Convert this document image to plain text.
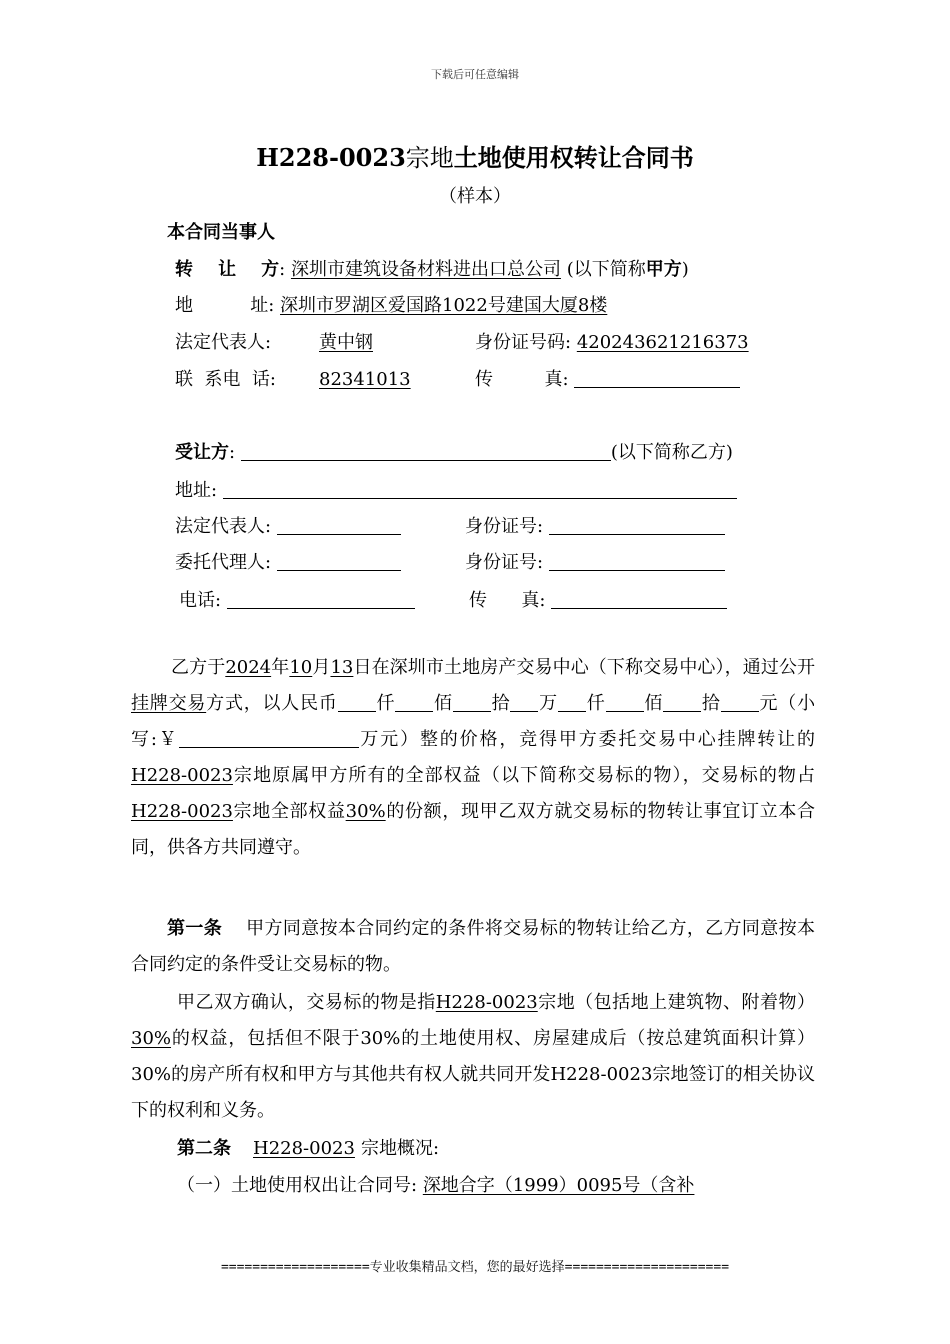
下载后可任意编辑
H228-0023宗地土地使用权转让合同书
（样本）
本合同当事人
转    让    方: 深圳市建筑设备材料进出口总公司 (以下简称甲方)
地          址: 深圳市罗湖区爱国路1022号建国大厦8楼
法定代表人:	黄中钢	身份证号码: 420243621216373
联  系电  话: 82341013	传         真:
受让方:	(以下简称乙方)
地址:
法定代表人:	身份证号:
委托代理人:	身份证号:
电话:	传      真:
乙方于2024年10月13日在深圳市土地房产交易中心（下称交易中心），通过公开挂牌交易方式，以人民币 仟 佰 拾 万 仟 佰 拾 元（小写:￥	万元）整的价格，竞得甲方委托交易中心挂牌转让的H228-0023宗地原属甲方所有的全部权益（以下简称交易标的物），交易标的物占H228-0023宗地全部权益30%的份额，现甲乙双方就交易标的物转让事宜订立本合同，供各方共同遵守。
第一条 甲方同意按本合同约定的条件将交易标的物转让给乙方，乙方同意按本合同约定的条件受让交易标的物。
甲乙双方确认，交易标的物是指H228-0023宗地（包括地上建筑物、附着物）30%的权益，包括但不限于30%的土地使用权、房屋建成后（按总建筑面积计算）30%的房产所有权和甲方与其他共有权人就共同开发H228-0023宗地签订的相关协议下的权利和义务。
第二条 H228-0023 宗地概况:
（一）土地使用权出让合同号: 深地合字（1999）0095号（含补
===================专业收集精品文档，您的最好选择=====================
